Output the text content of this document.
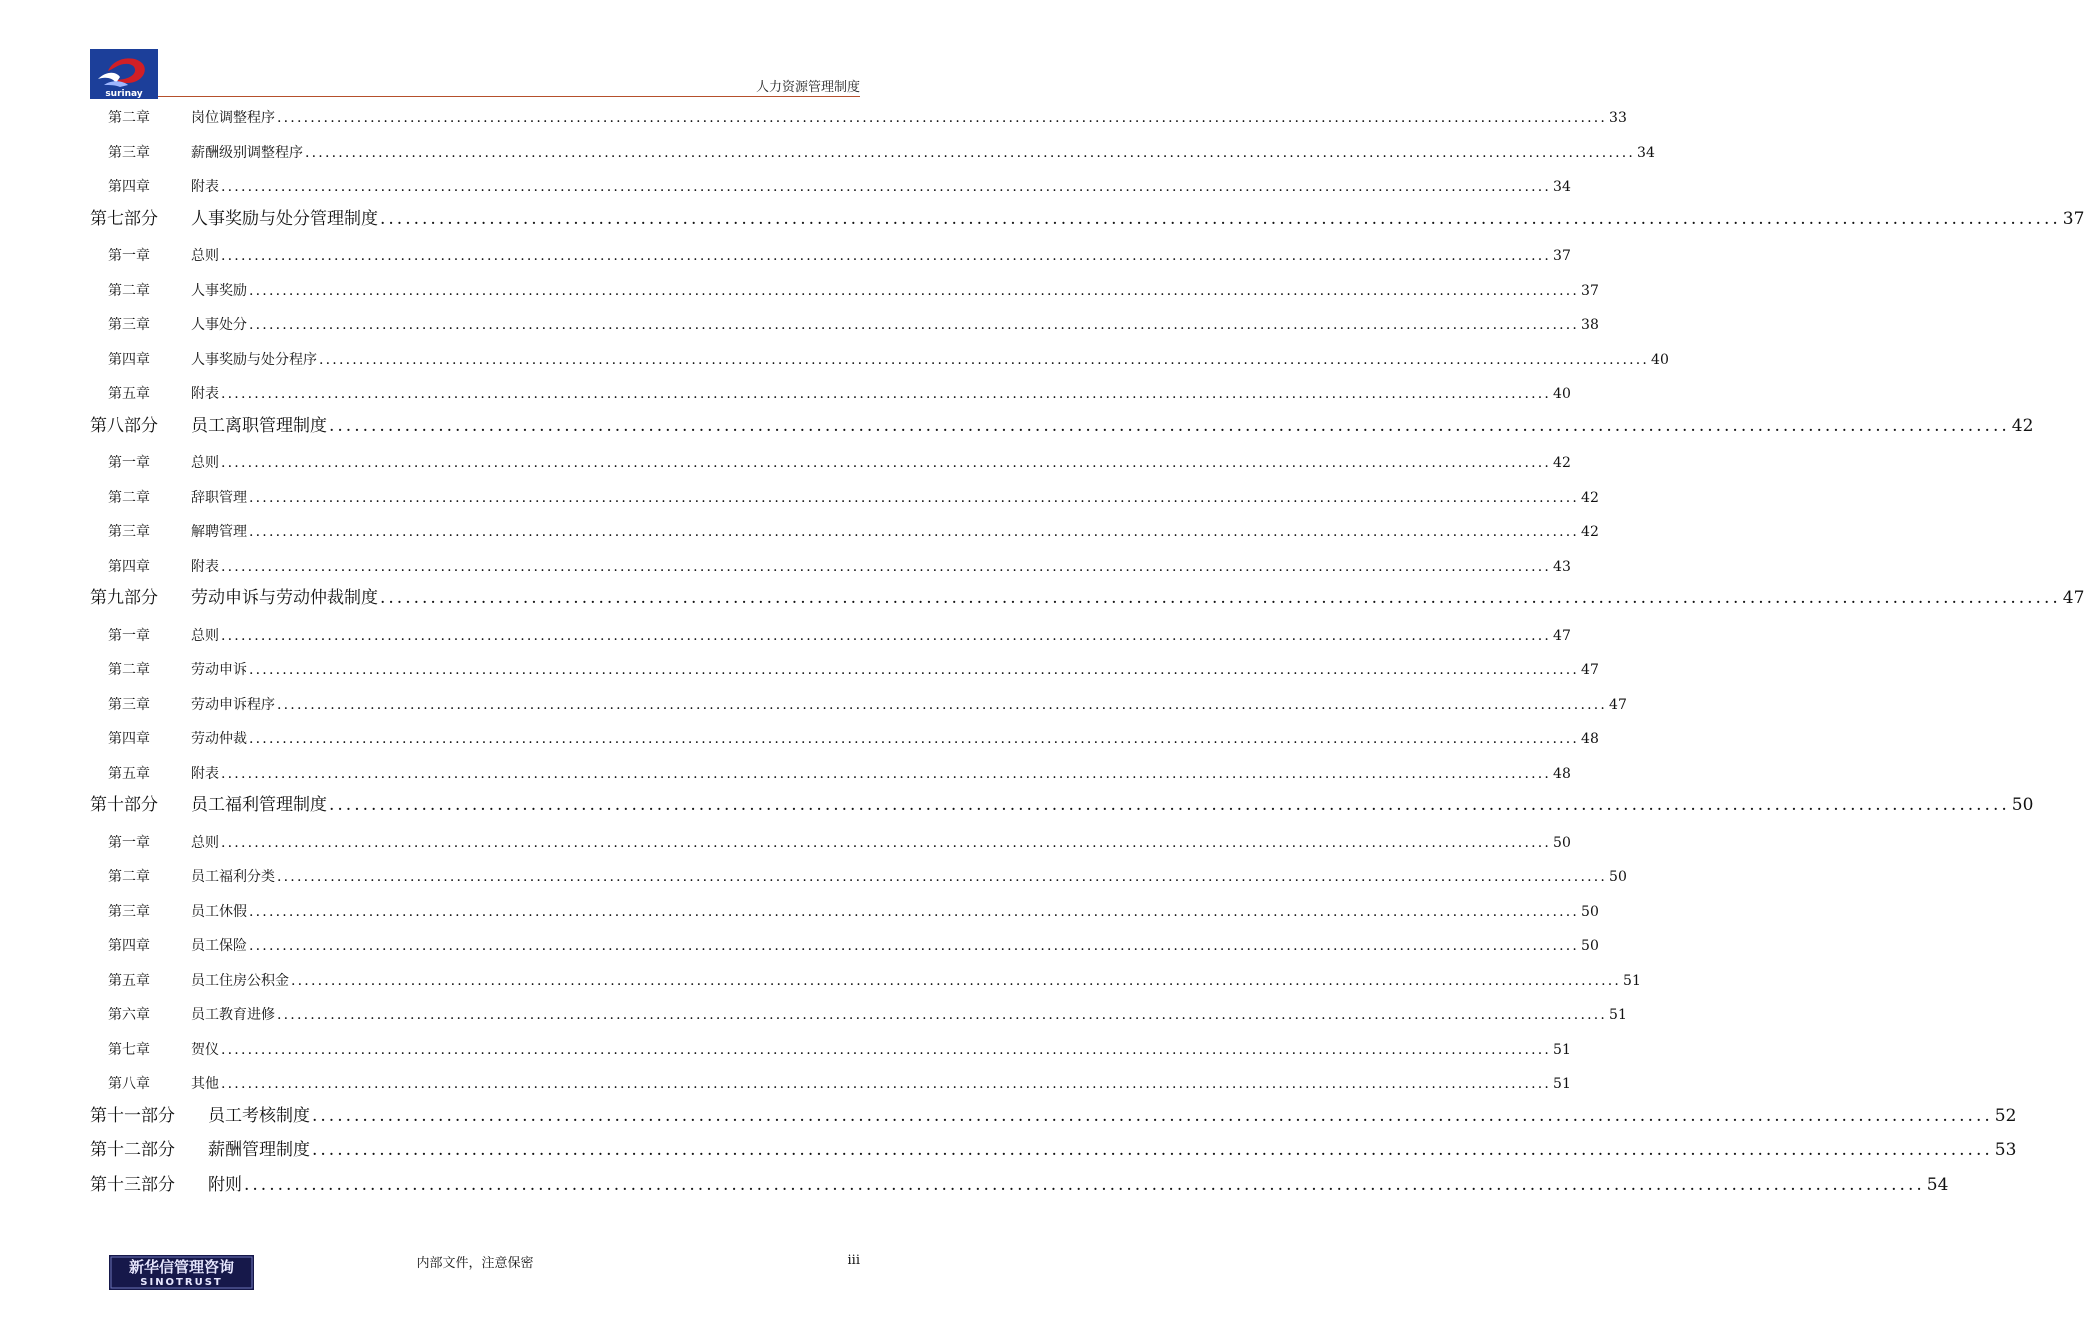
surinay	人力资源管理制度
第二章	岗位调整程序 ........................................................................................................................................................................................................ 33
第三章	薪酬级别调整程序 ........................................................................................................................................................................................................ 34
第四章	附表 ........................................................................................................................................................................................................ 34
第七部分	人事奖励与处分管理制度 ........................................................................................................................................................................................................ 37
第一章	总则 ........................................................................................................................................................................................................ 37
第二章	人事奖励 ........................................................................................................................................................................................................ 37
第三章	人事处分 ........................................................................................................................................................................................................ 38
第四章	人事奖励与处分程序 ........................................................................................................................................................................................................ 40
第五章	附表 ........................................................................................................................................................................................................ 40
第八部分	员工离职管理制度 ........................................................................................................................................................................................................ 42
第一章	总则 ........................................................................................................................................................................................................ 42
第二章	辞职管理 ........................................................................................................................................................................................................ 42
第三章	解聘管理 ........................................................................................................................................................................................................ 42
第四章	附表 ........................................................................................................................................................................................................ 43
第九部分	劳动申诉与劳动仲裁制度 ........................................................................................................................................................................................................ 47
第一章	总则 ........................................................................................................................................................................................................ 47
第二章	劳动申诉 ........................................................................................................................................................................................................ 47
第三章	劳动申诉程序 ........................................................................................................................................................................................................ 47
第四章	劳动仲裁 ........................................................................................................................................................................................................ 48
第五章	附表 ........................................................................................................................................................................................................ 48
第十部分	员工福利管理制度 ........................................................................................................................................................................................................ 50
第一章	总则 ........................................................................................................................................................................................................ 50
第二章	员工福利分类 ........................................................................................................................................................................................................ 50
第三章	员工休假 ........................................................................................................................................................................................................ 50
第四章	员工保险 ........................................................................................................................................................................................................ 50
第五章	员工住房公积金 ........................................................................................................................................................................................................ 51
第六章	员工教育进修 ........................................................................................................................................................................................................ 51
第七章	贺仪 ........................................................................................................................................................................................................ 51
第八章	其他 ........................................................................................................................................................................................................ 51
第十一部分	员工考核制度 ........................................................................................................................................................................................................ 52
第十二部分	薪酬管理制度 ........................................................................................................................................................................................................ 53
第十三部分	附则 ........................................................................................................................................................................................................ 54
新华信管理咨询
SINOTRUST
内部文件，注意保密	iii
